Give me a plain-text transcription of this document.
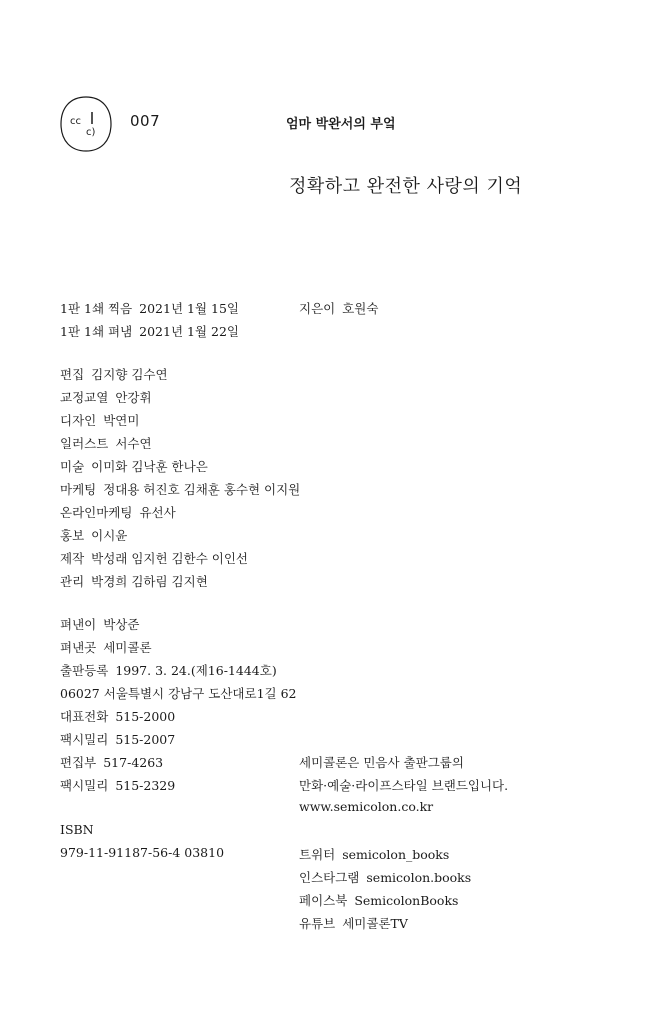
cc
c)
007	엄마 박완서의 부엌
정확하고 완전한 사랑의 기억
1판 1쇄 찍음 2021년 1월 15일
1판 1쇄 펴냄 2021년 1월 22일
지은이 호원숙
편집 김지향 김수연
교정교열 안강휘
디자인 박연미
일러스트 서수연
미술 이미화 김낙훈 한나은
마케팅 정대용 허진호 김채훈 홍수현 이지원
온라인마케팅 유선사
홍보 이시윤
제작 박성래 임지헌 김한수 이인선
관리 박경희 김하림 김지현
펴낸이 박상준
펴낸곳 세미콜론
출판등록 1997. 3. 24.(제16-1444호)
06027 서울특별시 강남구 도산대로1길 62
대표전화 515-2000
팩시밀리 515-2007
편집부 517-4263
팩시밀리 515-2329
세미콜론은 민음사 출판그룹의
만화·예술·라이프스타일 브랜드입니다.
www.semicolon.co.kr
ISBN
979-11-91187-56-4 03810	트위터 semicolon_books
인스타그램 semicolon.books
페이스북 SemicolonBooks
유튜브 세미콜론TV
